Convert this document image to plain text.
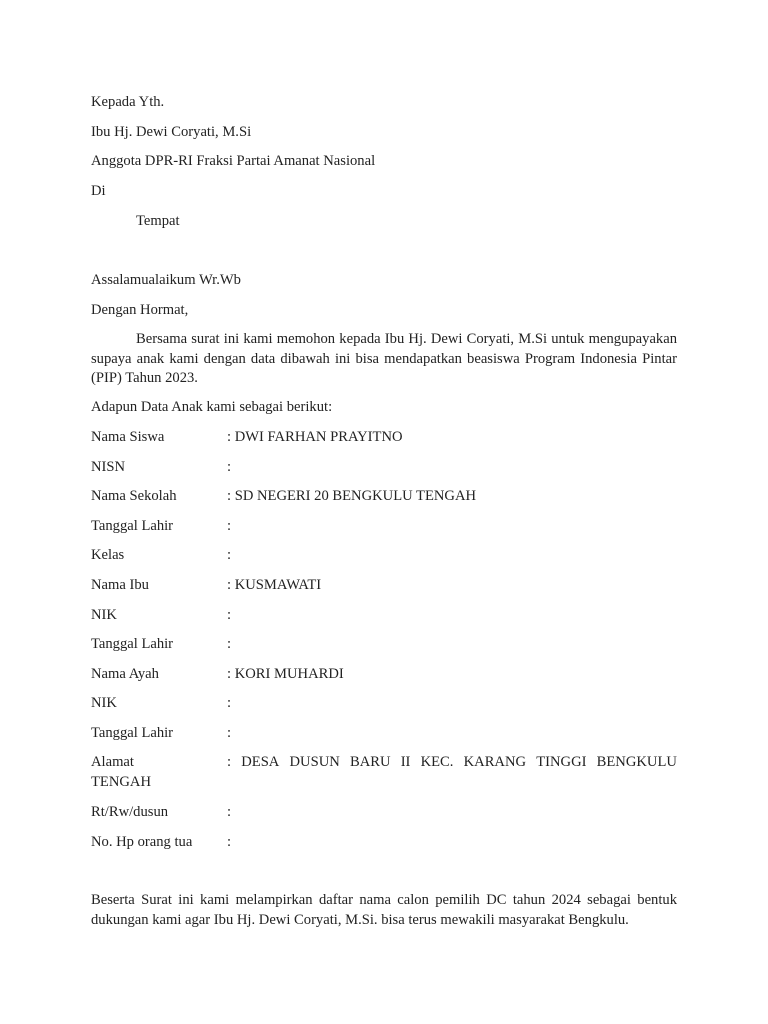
Kepada Yth.
Ibu Hj. Dewi Coryati, M.Si
Anggota DPR-RI Fraksi Partai Amanat Nasional
Di
Tempat
Assalamualaikum Wr.Wb
Dengan Hormat,
Bersama surat ini kami memohon kepada Ibu Hj. Dewi Coryati, M.Si untuk mengupayakan supaya anak kami dengan data dibawah ini bisa mendapatkan beasiswa Program Indonesia Pintar (PIP) Tahun 2023.
Adapun Data Anak kami sebagai berikut:
Nama Siswa	: DWI FARHAN PRAYITNO
NISN	:
Nama Sekolah	: SD NEGERI 20 BENGKULU TENGAH
Tanggal Lahir	:
Kelas	:
Nama Ibu	: KUSMAWATI
NIK	:
Tanggal Lahir	:
Nama Ayah	: KORI MUHARDI
NIK	:
Tanggal Lahir	:
Alamat	: DESA DUSUN BARU II KEC. KARANG TINGGI BENGKULU
TENGAH
Rt/Rw/dusun	:
No. Hp orang tua :
Beserta Surat ini kami melampirkan daftar nama calon pemilih DC tahun 2024 sebagai bentuk dukungan kami agar Ibu Hj. Dewi Coryati, M.Si. bisa terus mewakili masyarakat Bengkulu.
